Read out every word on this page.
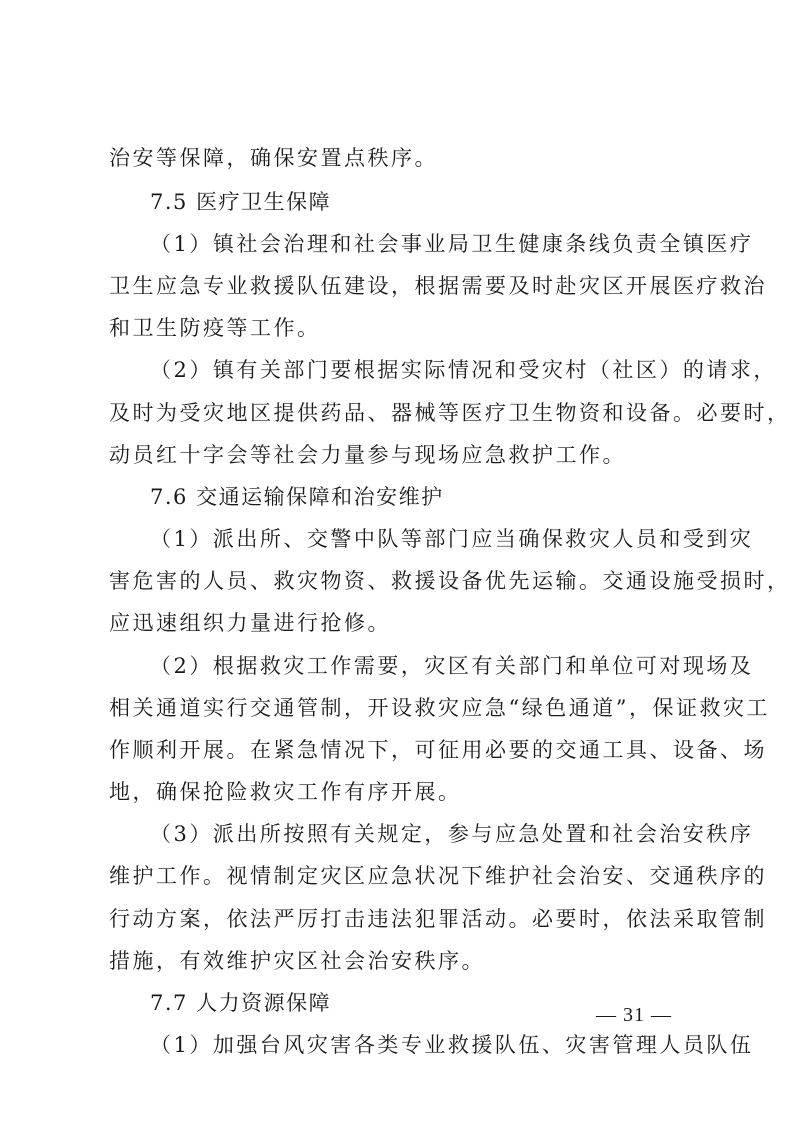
治安等保障，确保安置点秩序。
7.5 医疗卫生保障
（1）镇社会治理和社会事业局卫生健康条线负责全镇医疗
卫生应急专业救援队伍建设，根据需要及时赴灾区开展医疗救治
和卫生防疫等工作。
（2）镇有关部门要根据实际情况和受灾村（社区）的请求，
及时为受灾地区提供药品、器械等医疗卫生物资和设备。必要时，
动员红十字会等社会力量参与现场应急救护工作。
7.6 交通运输保障和治安维护
（1）派出所、交警中队等部门应当确保救灾人员和受到灾
害危害的人员、救灾物资、救援设备优先运输。交通设施受损时，
应迅速组织力量进行抢修。
（2）根据救灾工作需要，灾区有关部门和单位可对现场及
相关通道实行交通管制，开设救灾应急“绿色通道”，保证救灾工
作顺利开展。在紧急情况下，可征用必要的交通工具、设备、场
地，确保抢险救灾工作有序开展。
（3）派出所按照有关规定，参与应急处置和社会治安秩序
维护工作。视情制定灾区应急状况下维护社会治安、交通秩序的
行动方案，依法严厉打击违法犯罪活动。必要时，依法采取管制
措施，有效维护灾区社会治安秩序。
7.7 人力资源保障
（1）加强台风灾害各类专业救援队伍、灾害管理人员队伍
— 31 —
